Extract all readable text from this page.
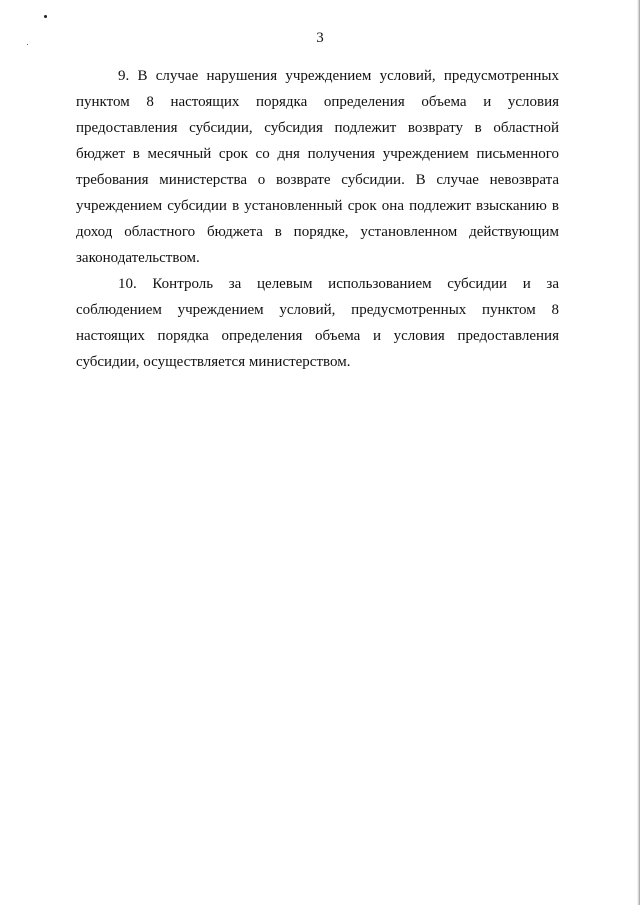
3

9. В случае нарушения учреждением условий, предусмотренных
пунктом 8 настоящих порядка определения объема и условия
предоставления субсидии, субсидия подлежит возврату в областной
бюджет в месячный срок со дня получения учреждением письменного
требования министерства о возврате субсидии. В случае невозврата
учреждением субсидии в установленный срок она подлежит взысканию в
доход областного бюджета в порядке, установленном действующим
законодательством.

10. Контроль за целевым использованием субсидии и за
соблюдением учреждением условий, предусмотренных пунктом 8
настоящих порядка определения объема и условия предоставления
субсидии, осуществляется министерством.
